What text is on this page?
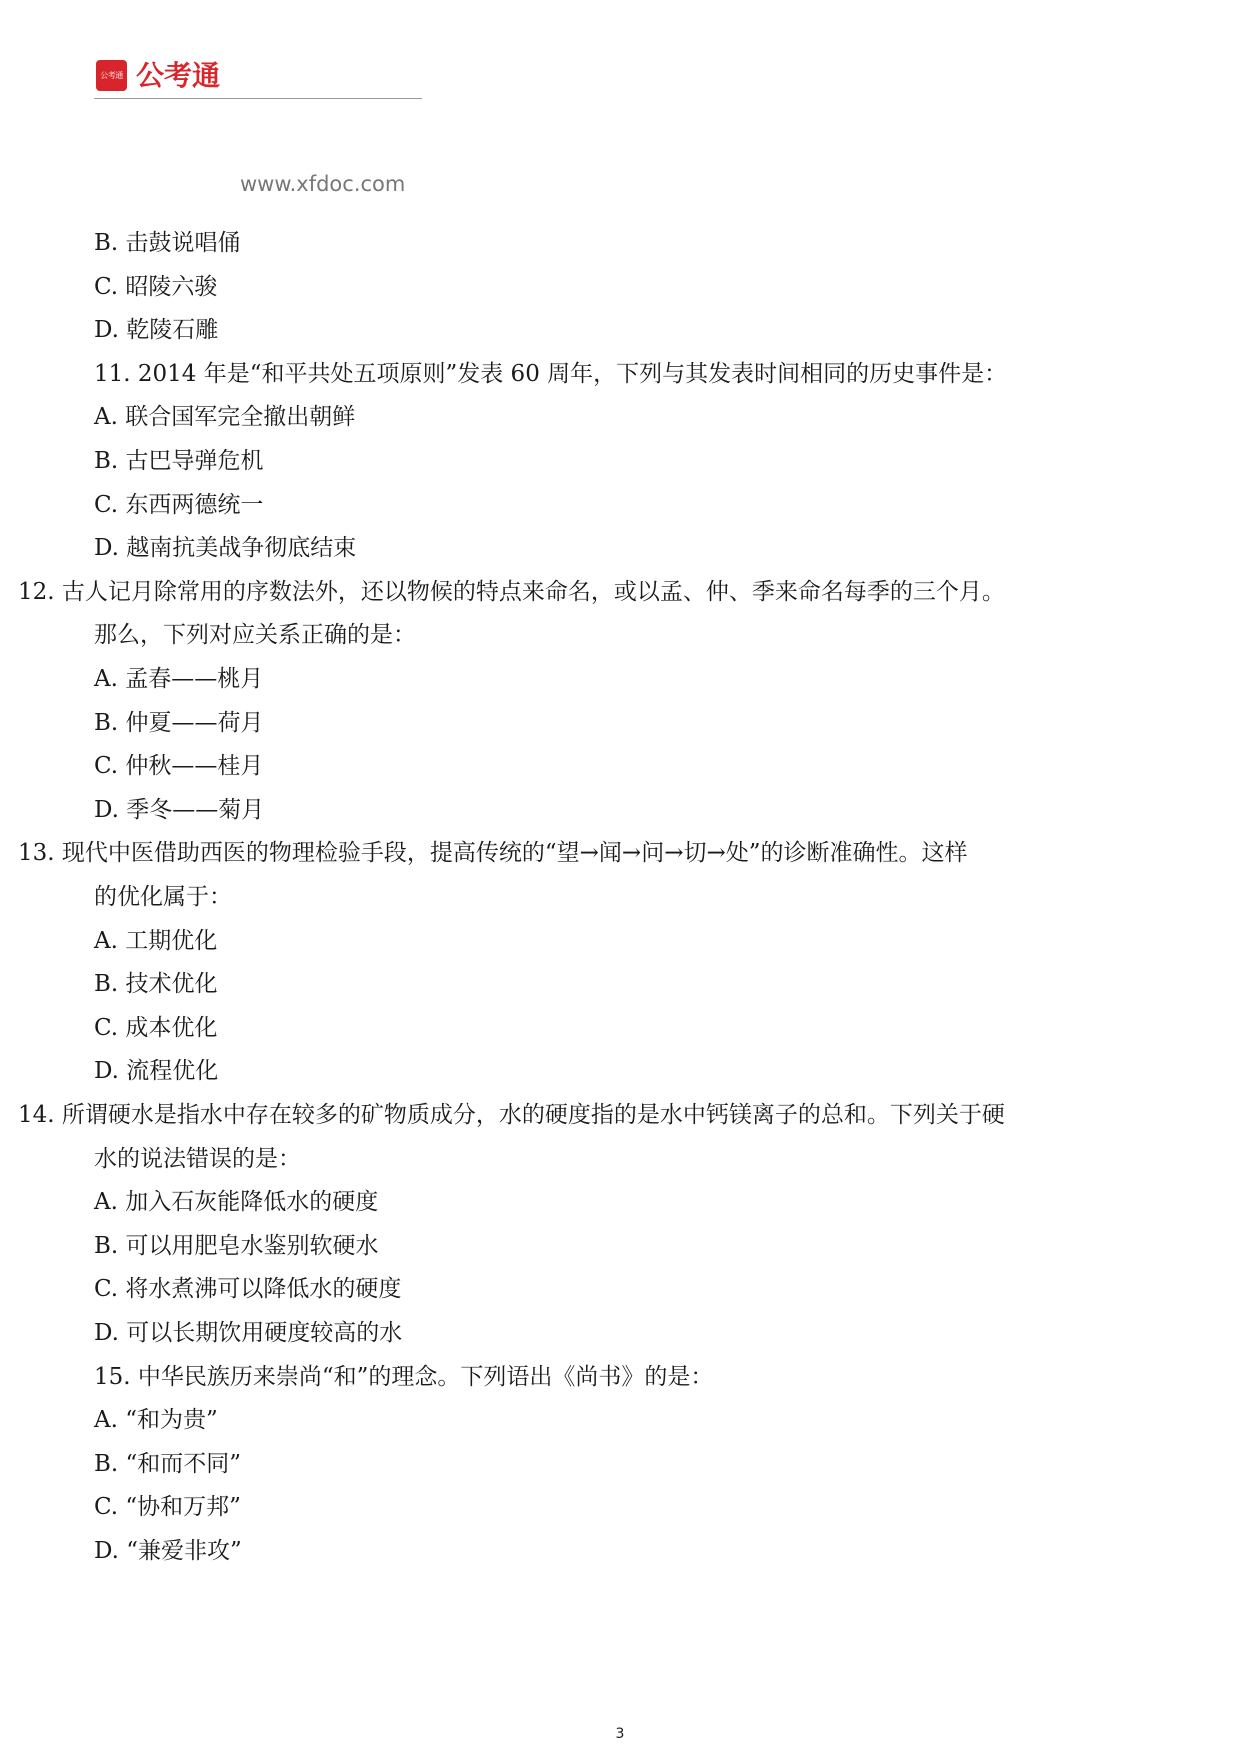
公考通 公考通
www.xfdoc.com
B. 击鼓说唱俑
C. 昭陵六骏
D. 乾陵石雕
11. 2014 年是“和平共处五项原则”发表 60 周年，下列与其发表时间相同的历史事件是：
A. 联合国军完全撤出朝鲜
B. 古巴导弹危机
C. 东西两德统一
D. 越南抗美战争彻底结束
12. 古人记月除常用的序数法外，还以物候的特点来命名，或以孟、仲、季来命名每季的三个月。
那么，下列对应关系正确的是：
A. 孟春——桃月
B. 仲夏——荷月
C. 仲秋——桂月
D. 季冬——菊月
13. 现代中医借助西医的物理检验手段，提高传统的“望→闻→问→切→处”的诊断准确性。这样
的优化属于：
A. 工期优化
B. 技术优化
C. 成本优化
D. 流程优化
14. 所谓硬水是指水中存在较多的矿物质成分，水的硬度指的是水中钙镁离子的总和。下列关于硬
水的说法错误的是：
A. 加入石灰能降低水的硬度
B. 可以用肥皂水鉴别软硬水
C. 将水煮沸可以降低水的硬度
D. 可以长期饮用硬度较高的水
15. 中华民族历来崇尚“和”的理念。下列语出《尚书》的是：
A. “和为贵”
B. “和而不同”
C. “协和万邦”
D. “兼爱非攻”
3
